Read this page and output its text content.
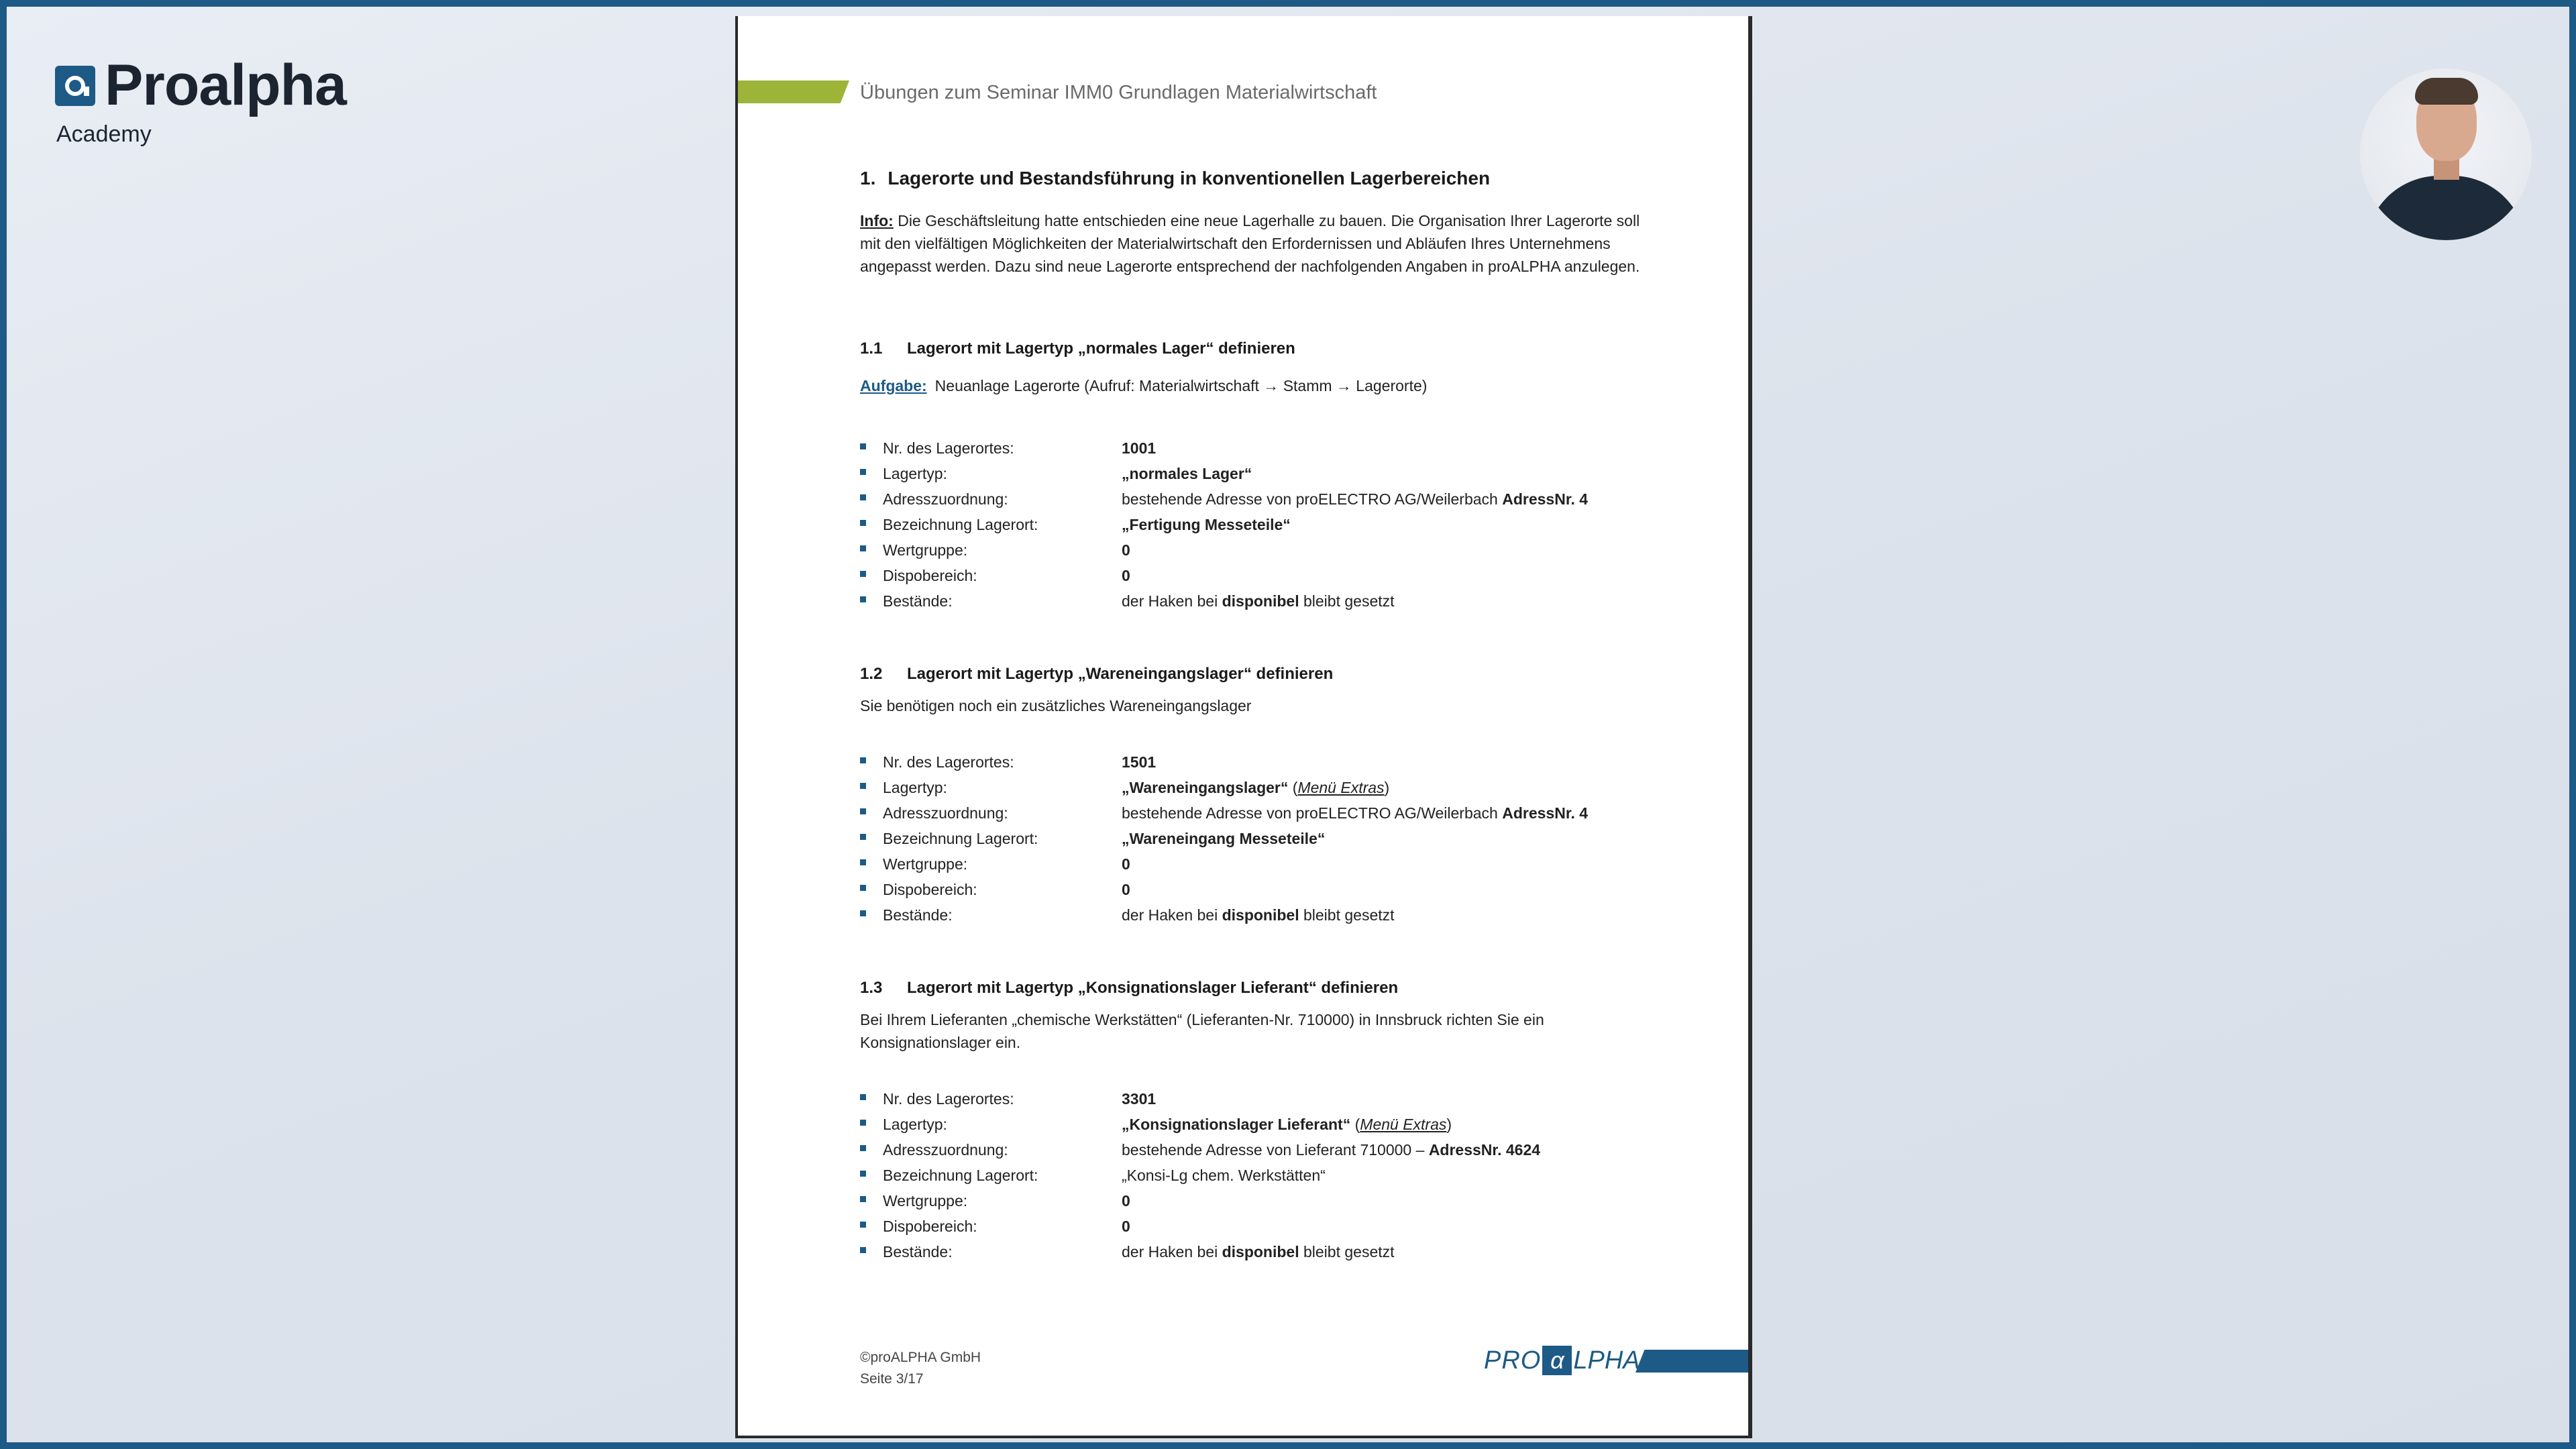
Proalpha
Academy
Übungen zum Seminar IMM0 Grundlagen Materialwirtschaft
1. Lagerorte und Bestandsführung in konventionellen Lagerbereichen

Info: Die Geschäftsleitung hatte entschieden eine neue Lagerhalle zu bauen. Die Organisation Ihrer Lagerorte soll mit den vielfältigen Möglichkeiten der Materialwirtschaft den Erfordernissen und Abläufen Ihres Unternehmens angepasst werden. Dazu sind neue Lagerorte entsprechend der nachfolgenden Angaben in proALPHA anzulegen.

1.1	Lagerort mit Lagertyp „normales Lager“ definieren

Aufgabe: Neuanlage Lagerorte (Aufruf: Materialwirtschaft → Stamm → Lagerorte)

Nr. des Lagerortes:	1001
Lagertyp:	„normales Lager“
Adresszuordnung:	bestehende Adresse von proELECTRO AG/Weilerbach AdressNr. 4
Bezeichnung Lagerort:	„Fertigung Messeteile“
Wertgruppe:	0
Dispobereich:	0
Bestände:	der Haken bei disponibel bleibt gesetzt
1.2	Lagerort mit Lagertyp „Wareneingangslager“ definieren

Sie benötigen noch ein zusätzliches Wareneingangslager

Nr. des Lagerortes:	1501
Lagertyp:	„Wareneingangslager“ (Menü Extras)
Adresszuordnung:	bestehende Adresse von proELECTRO AG/Weilerbach AdressNr. 4
Bezeichnung Lagerort:	„Wareneingang Messeteile“
Wertgruppe:	0
Dispobereich:	0
Bestände:	der Haken bei disponibel bleibt gesetzt
1.3	Lagerort mit Lagertyp „Konsignationslager Lieferant“ definieren

Bei Ihrem Lieferanten „chemische Werkstätten“ (Lieferanten-Nr. 710000) in Innsbruck richten Sie ein Konsignationslager ein.

Nr. des Lagerortes:	3301
Lagertyp:	„Konsignationslager Lieferant“ (Menü Extras)
Adresszuordnung:	bestehende Adresse von Lieferant 710000 – AdressNr. 4624
Bezeichnung Lagerort:	„Konsi-Lg chem. Werkstätten“
Wertgruppe:	0
Dispobereich:	0
Bestände:	der Haken bei disponibel bleibt gesetzt
©proALPHA GmbH
Seite 3/17
PRO α LPHA
